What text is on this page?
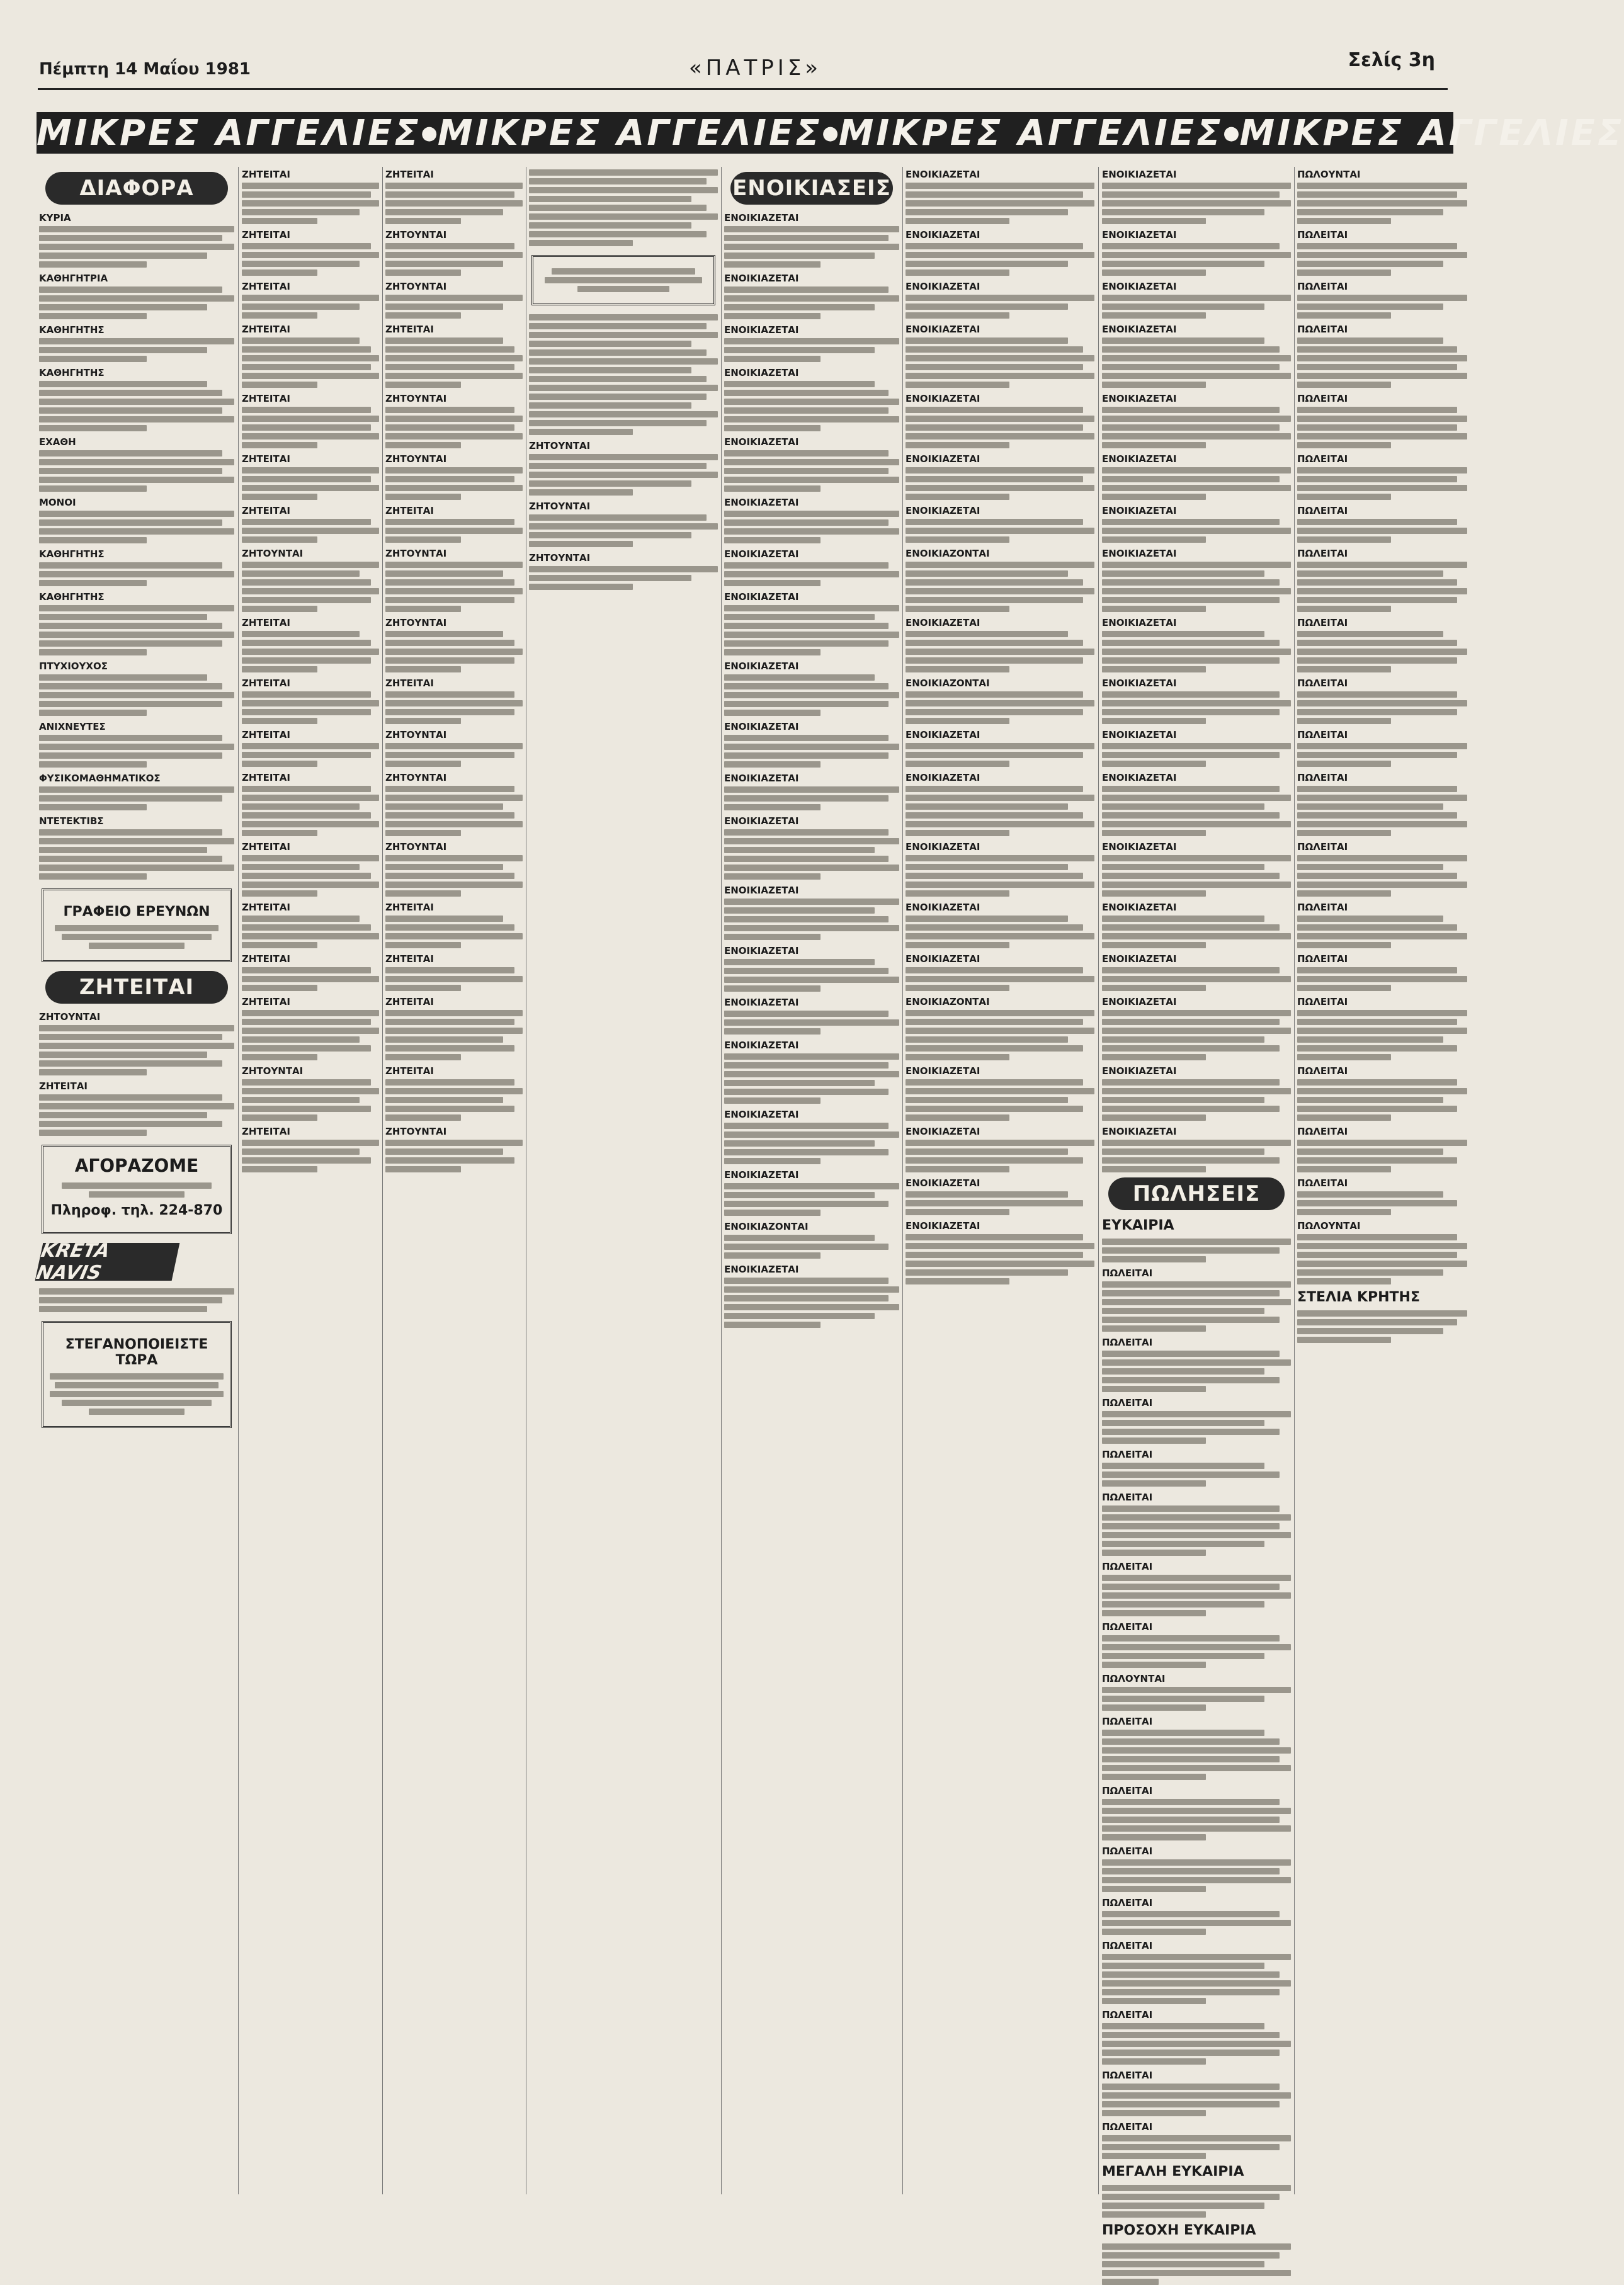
Πέμπτη 14 Μαΐου 1981	«ΠΑΤΡΙΣ»	Σελίς 3η
ΜΙΚΡΕΣ ΑΓΓΕΛΙΕΣ ● ΜΙΚΡΕΣ ΑΓΓΕΛΙΕΣ ● ΜΙΚΡΕΣ ΑΓΓΕΛΙΕΣ ● ΜΙΚΡΕΣ ΑΓΓΕΛΙΕΣ
ΔΙΑΦΟΡΑ
ΚΥΡΙΑ
ΚΑΘΗΓΗΤΡΙΑ
ΚΑΘΗΓΗΤΗΣ
ΚΑΘΗΓΗΤΗΣ
ΕΧΑΘΗ
ΜΟΝΟΙ
ΚΑΘΗΓΗΤΗΣ
ΚΑΘΗΓΗΤΗΣ
ΠΤΥΧΙΟΥΧΟΣ
ΑΝΙΧΝΕΥΤΕΣ
ΦΥΣΙΚΟΜΑΘΗΜΑΤΙΚΟΣ
ΝΤΕΤΕΚΤΙΒΣ
ΓΡΑΦΕΙΟ ΕΡΕΥΝΩΝ
ΖΗΤΕΙΤΑΙ
ΖΗΤΟΥΝΤΑΙ
ΖΗΤΕΙΤΑΙ
ΑΓΟΡΑΖΟΜΕ
Πληροφ. τηλ. 224-870
KRETA NAVIS
ΣΤΕΓΑΝΟΠΟΙΕΙΣΤΕ ΤΩΡΑ
ΖΗΤΕΙΤΑΙ
ΖΗΤΕΙΤΑΙ
ΖΗΤΕΙΤΑΙ
ΖΗΤΕΙΤΑΙ
ΖΗΤΕΙΤΑΙ
ΖΗΤΕΙΤΑΙ
ΖΗΤΕΙΤΑΙ
ΖΗΤΟΥΝΤΑΙ
ΖΗΤΕΙΤΑΙ
ΖΗΤΕΙΤΑΙ
ΖΗΤΕΙΤΑΙ
ΖΗΤΕΙΤΑΙ
ΖΗΤΕΙΤΑΙ
ΖΗΤΕΙΤΑΙ
ΖΗΤΕΙΤΑΙ
ΖΗΤΕΙΤΑΙ
ΖΗΤΟΥΝΤΑΙ
ΖΗΤΕΙΤΑΙ
ΖΗΤΕΙΤΑΙ
ΖΗΤΟΥΝΤΑΙ
ΖΗΤΟΥΝΤΑΙ
ΖΗΤΕΙΤΑΙ
ΖΗΤΟΥΝΤΑΙ
ΖΗΤΟΥΝΤΑΙ
ΖΗΤΕΙΤΑΙ
ΖΗΤΟΥΝΤΑΙ
ΖΗΤΟΥΝΤΑΙ
ΖΗΤΕΙΤΑΙ
ΖΗΤΟΥΝΤΑΙ
ΖΗΤΟΥΝΤΑΙ
ΖΗΤΟΥΝΤΑΙ
ΖΗΤΕΙΤΑΙ
ΖΗΤΕΙΤΑΙ
ΖΗΤΕΙΤΑΙ
ΖΗΤΕΙΤΑΙ
ΖΗΤΟΥΝΤΑΙ
ΖΗΤΟΥΝΤΑΙ
ΖΗΤΟΥΝΤΑΙ
ΖΗΤΟΥΝΤΑΙ
ΕΝΟΙΚΙΑΣΕΙΣ
ΕΝΟΙΚΙΑΖΕΤΑΙ
ΕΝΟΙΚΙΑΖΕΤΑΙ
ΕΝΟΙΚΙΑΖΕΤΑΙ
ΕΝΟΙΚΙΑΖΕΤΑΙ
ΕΝΟΙΚΙΑΖΕΤΑΙ
ΕΝΟΙΚΙΑΖΕΤΑΙ
ΕΝΟΙΚΙΑΖΕΤΑΙ
ΕΝΟΙΚΙΑΖΕΤΑΙ
ΕΝΟΙΚΙΑΖΕΤΑΙ
ΕΝΟΙΚΙΑΖΕΤΑΙ
ΕΝΟΙΚΙΑΖΕΤΑΙ
ΕΝΟΙΚΙΑΖΕΤΑΙ
ΕΝΟΙΚΙΑΖΕΤΑΙ
ΕΝΟΙΚΙΑΖΕΤΑΙ
ΕΝΟΙΚΙΑΖΕΤΑΙ
ΕΝΟΙΚΙΑΖΕΤΑΙ
ΕΝΟΙΚΙΑΖΕΤΑΙ
ΕΝΟΙΚΙΑΖΕΤΑΙ
ΕΝΟΙΚΙΑΖΟΝΤΑΙ
ΕΝΟΙΚΙΑΖΕΤΑΙ
ΕΝΟΙΚΙΑΖΕΤΑΙ
ΕΝΟΙΚΙΑΖΕΤΑΙ
ΕΝΟΙΚΙΑΖΕΤΑΙ
ΕΝΟΙΚΙΑΖΕΤΑΙ
ΕΝΟΙΚΙΑΖΕΤΑΙ
ΕΝΟΙΚΙΑΖΕΤΑΙ
ΕΝΟΙΚΙΑΖΕΤΑΙ
ΕΝΟΙΚΙΑΖΟΝΤΑΙ
ΕΝΟΙΚΙΑΖΕΤΑΙ
ΕΝΟΙΚΙΑΖΟΝΤΑΙ
ΕΝΟΙΚΙΑΖΕΤΑΙ
ΕΝΟΙΚΙΑΖΕΤΑΙ
ΕΝΟΙΚΙΑΖΕΤΑΙ
ΕΝΟΙΚΙΑΖΕΤΑΙ
ΕΝΟΙΚΙΑΖΕΤΑΙ
ΕΝΟΙΚΙΑΖΟΝΤΑΙ
ΕΝΟΙΚΙΑΖΕΤΑΙ
ΕΝΟΙΚΙΑΖΕΤΑΙ
ΕΝΟΙΚΙΑΖΕΤΑΙ
ΕΝΟΙΚΙΑΖΕΤΑΙ
ΕΝΟΙΚΙΑΖΕΤΑΙ
ΕΝΟΙΚΙΑΖΕΤΑΙ
ΕΝΟΙΚΙΑΖΕΤΑΙ
ΕΝΟΙΚΙΑΖΕΤΑΙ
ΕΝΟΙΚΙΑΖΕΤΑΙ
ΕΝΟΙΚΙΑΖΕΤΑΙ
ΕΝΟΙΚΙΑΖΕΤΑΙ
ΕΝΟΙΚΙΑΖΕΤΑΙ
ΕΝΟΙΚΙΑΖΕΤΑΙ
ΕΝΟΙΚΙΑΖΕΤΑΙ
ΕΝΟΙΚΙΑΖΕΤΑΙ
ΕΝΟΙΚΙΑΖΕΤΑΙ
ΕΝΟΙΚΙΑΖΕΤΑΙ
ΕΝΟΙΚΙΑΖΕΤΑΙ
ΕΝΟΙΚΙΑΖΕΤΑΙ
ΕΝΟΙΚΙΑΖΕΤΑΙ
ΕΝΟΙΚΙΑΖΕΤΑΙ
ΕΝΟΙΚΙΑΖΕΤΑΙ
ΠΩΛΗΣΕΙΣ
ΕΥΚΑΙΡΙΑ
ΠΩΛΕΙΤΑΙ
ΠΩΛΕΙΤΑΙ
ΠΩΛΕΙΤΑΙ
ΠΩΛΕΙΤΑΙ
ΠΩΛΕΙΤΑΙ
ΠΩΛΕΙΤΑΙ
ΠΩΛΕΙΤΑΙ
ΠΩΛΟΥΝΤΑΙ
ΠΩΛΕΙΤΑΙ
ΠΩΛΕΙΤΑΙ
ΠΩΛΕΙΤΑΙ
ΠΩΛΕΙΤΑΙ
ΠΩΛΕΙΤΑΙ
ΠΩΛΕΙΤΑΙ
ΠΩΛΕΙΤΑΙ
ΠΩΛΕΙΤΑΙ
ΜΕΓΑΛΗ ΕΥΚΑΙΡΙΑ
ΠΡΟΣΟΧΗ ΕΥΚΑΙΡΙΑ
ΠΩΛΟΥΝΤΑΙ
ΠΩΛΕΙΤΑΙ
ΠΩΛΕΙΤΑΙ
ΠΩΛΕΙΤΑΙ
ΠΩΛΕΙΤΑΙ
ΠΩΛΕΙΤΑΙ
ΠΩΛΕΙΤΑΙ
ΠΩΛΕΙΤΑΙ
ΠΩΛΕΙΤΑΙ
ΠΩΛΕΙΤΑΙ
ΠΩΛΕΙΤΑΙ
ΠΩΛΕΙΤΑΙ
ΠΩΛΕΙΤΑΙ
ΠΩΛΕΙΤΑΙ
ΠΩΛΕΙΤΑΙ
ΠΩΛΕΙΤΑΙ
ΠΩΛΕΙΤΑΙ
ΠΩΛΕΙΤΑΙ
ΠΩΛΕΙΤΑΙ
ΠΩΛΟΥΝΤΑΙ
ΣΤΕΛΙΑ ΚΡΗΤΗΣ
